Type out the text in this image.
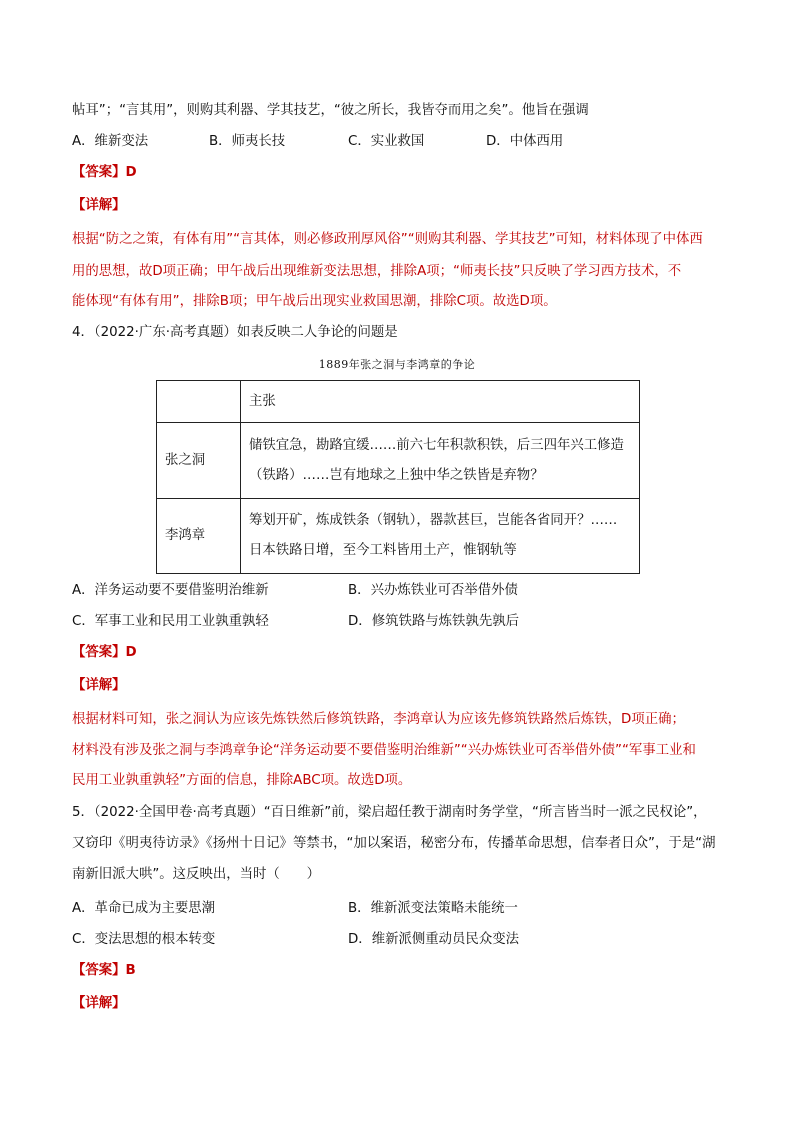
帖耳”；“言其用”，则购其利器、学其技艺，“彼之所长，我皆夺而用之矣”。他旨在强调
A．维新变法	B．师夷长技	C．实业救国	D．中体西用
【答案】D
【详解】
根据“防之之策，有体有用”“言其体，则必修政刑厚风俗”“则购其利器、学其技艺”可知，材料体现了中体西
用的思想，故D项正确；甲午战后出现维新变法思想，排除A项；“师夷长技”只反映了学习西方技术，不
能体现“有体有用”，排除B项；甲午战后出现实业救国思潮，排除C项。故选D项。
4．（2022·广东·高考真题）如表反映二人争论的问题是
1889年张之洞与李鸿章的争论
	主张
张之洞	储铁宜急，勘路宜缓……前六七年积款积铁，后三四年兴工修造
（铁路）……岂有地球之上独中华之铁皆是弃物？

李鸿章	筹划开矿，炼成铁条（钢轨），器款甚巨，岂能各省同开？……
日本铁路日增，至今工料皆用土产，惟钢轨等
A．洋务运动要不要借鉴明治维新	B．兴办炼铁业可否举借外债
C．军事工业和民用工业孰重孰轻	D．修筑铁路与炼铁孰先孰后
【答案】D
【详解】
根据材料可知，张之洞认为应该先炼铁然后修筑铁路，李鸿章认为应该先修筑铁路然后炼铁，D项正确；
材料没有涉及张之洞与李鸿章争论“洋务运动要不要借鉴明治维新”“兴办炼铁业可否举借外债”“军事工业和
民用工业孰重孰轻”方面的信息，排除ABC项。故选D项。
5．（2022·全国甲卷·高考真题）“百日维新”前，梁启超任教于湖南时务学堂，“所言皆当时一派之民权论”，
又窃印《明夷待访录》《扬州十日记》等禁书，“加以案语，秘密分布，传播革命思想，信奉者日众”，于是“湖
南新旧派大哄”。这反映出，当时（　　）
A．革命已成为主要思潮	B．维新派变法策略未能统一
C．变法思想的根本转变	D．维新派侧重动员民众变法
【答案】B
【详解】
